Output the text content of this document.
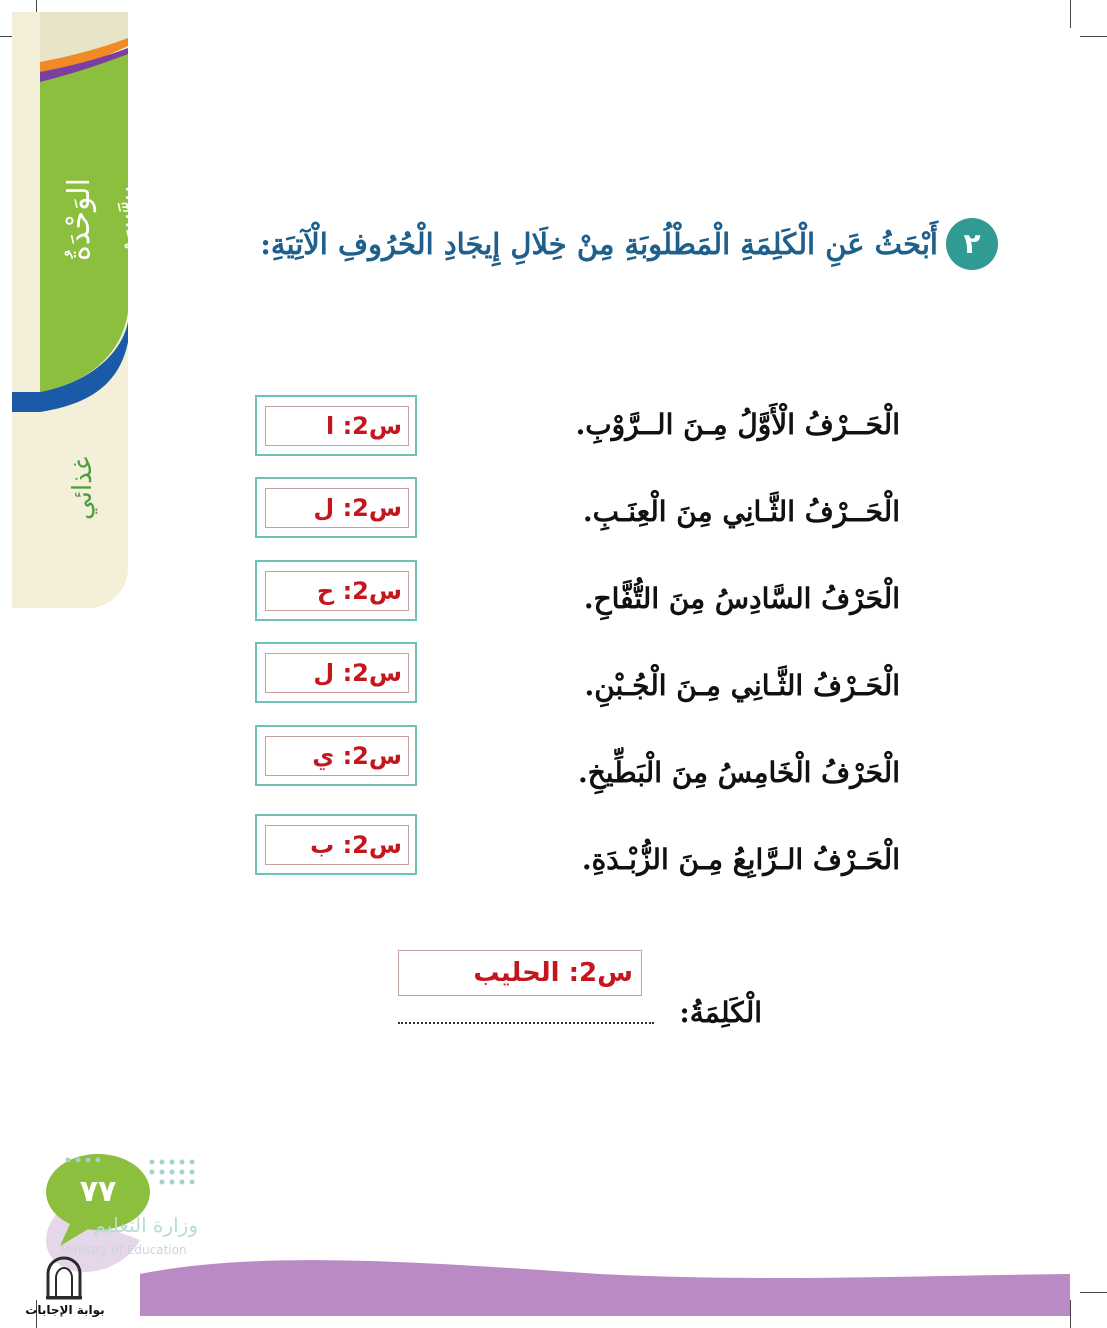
الوَحْدَةُ الثَّالِثَةُ
غذائي
٢
أَبْحَثُ عَنِ الْكَلِمَةِ الْمَطْلُوبَةِ مِنْ خِلَالِ إِيجَادِ الْحُرُوفِ الْآتِيَةِ:
الْحَــرْفُ الْأَوَّلُ مِـنَ الــرَّوْبِ.
س2: ا
الْحَــرْفُ الثَّـانِي مِنَ الْعِنَـبِ.
س2: ل
الْحَرْفُ السَّادِسُ مِنَ التُّفَّاحِ.
س2: ح
الْحَـرْفُ الثَّـانِي مِـنَ الْجُـبْنِ.
س2: ل
الْحَرْفُ الْخَامِسُ مِنَ الْبَطِّيخِ.
س2: ي
الْحَـرْفُ الـرَّابِعُ مِـنَ الزُّبْـدَةِ.
س2: ب
س2: الحليب
الْكَلِمَةُ:
٧٧
وزارة التعليم
Ministry of Education
بوابة الإجابات
